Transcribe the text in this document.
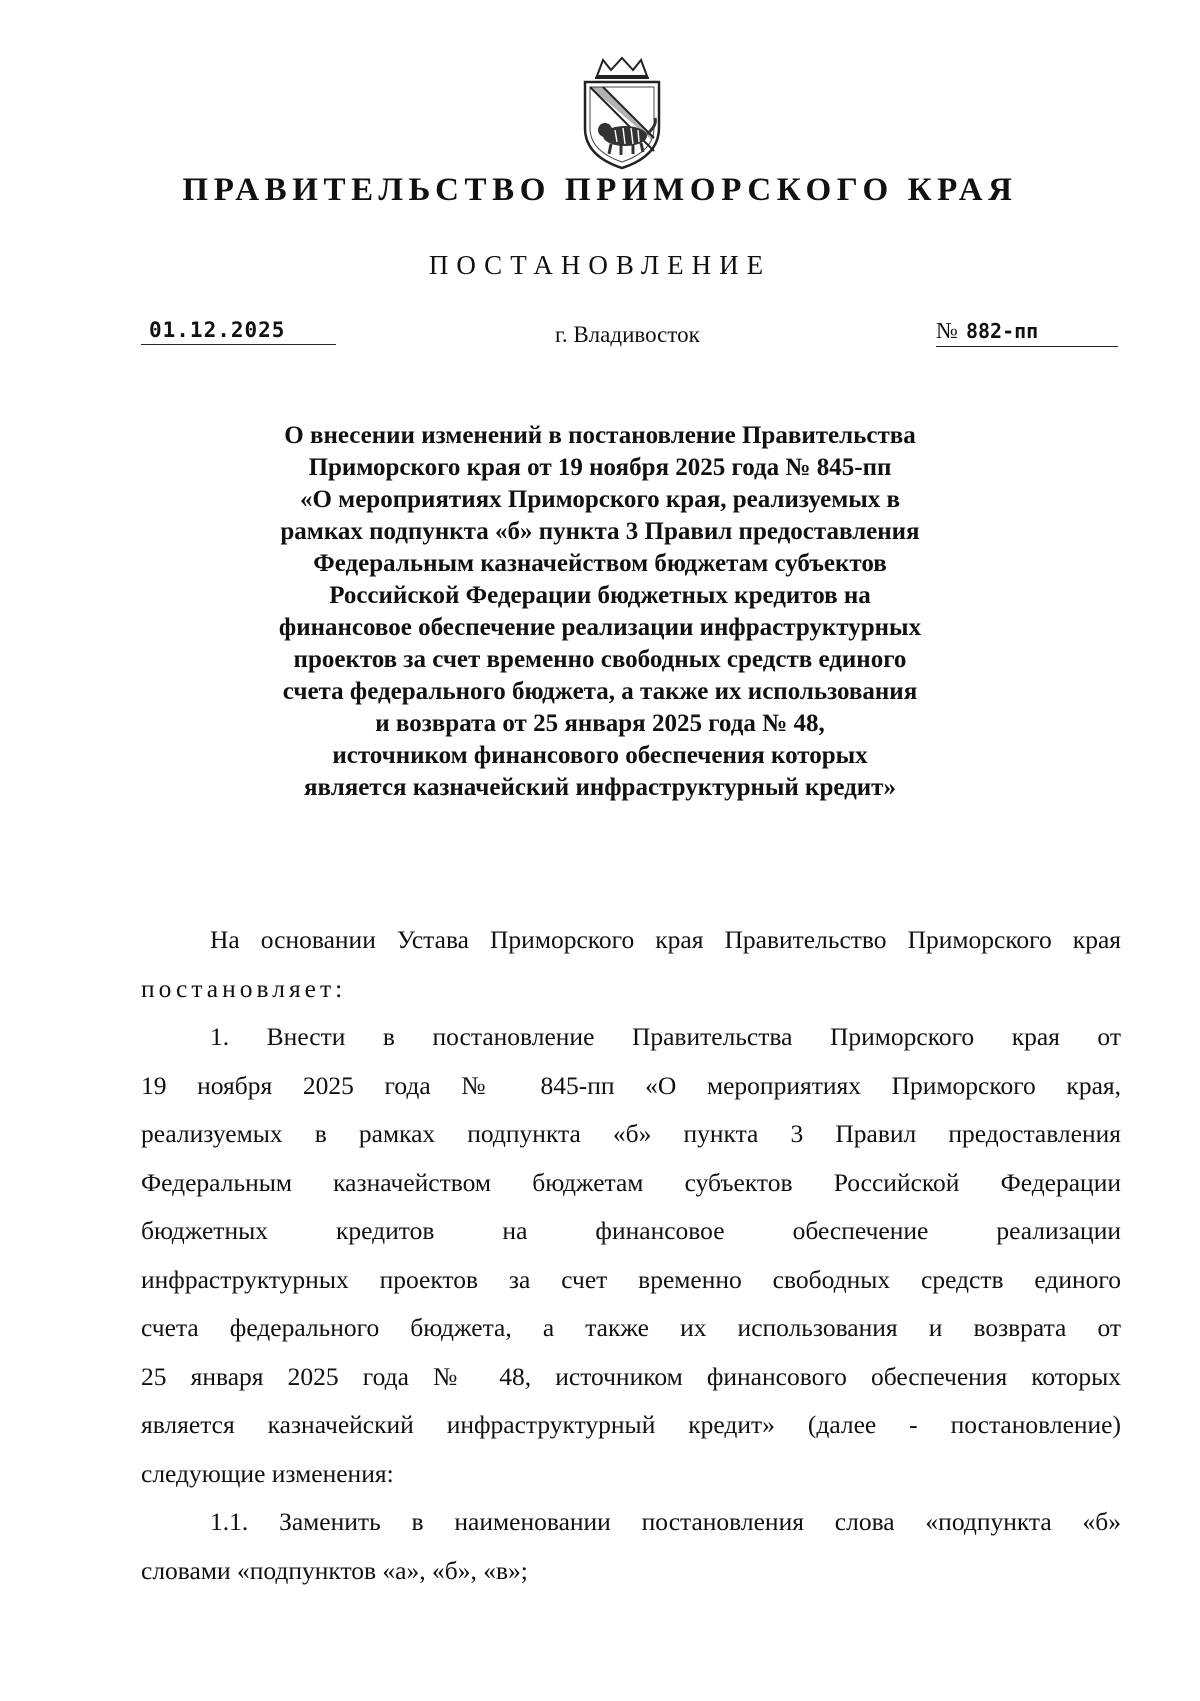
ПРАВИТЕЛЬСТВО ПРИМОРСКОГО КРАЯ
ПОСТАНОВЛЕНИЕ
01.12.2025	г. Владивосток	№ 882-пп
О внесении изменений в постановление Правительства
Приморского края от 19 ноября 2025 года № 845-пп
«О мероприятиях Приморского края, реализуемых в
рамках подпункта «б» пункта 3 Правил предоставления
Федеральным казначейством бюджетам субъектов
Российской Федерации бюджетных кредитов на
финансовое обеспечение реализации инфраструктурных
проектов за счет временно свободных средств единого
счета федерального бюджета, а также их использования
и возврата от 25 января 2025 года № 48,
источником финансового обеспечения которых
является казначейский инфраструктурный кредит»

На основании Устава Приморского края Правительство Приморского края
постановляет:

1. Внести в постановление Правительства Приморского края от
19 ноября 2025 года № 845-пп «О мероприятиях Приморского края,
реализуемых в рамках подпункта «б» пункта 3 Правил предоставления
Федеральным казначейством бюджетам субъектов Российской Федерации
бюджетных кредитов на финансовое обеспечение реализации
инфраструктурных проектов за счет временно свободных средств единого
счета федерального бюджета, а также их использования и возврата от
25 января 2025 года № 48, источником финансового обеспечения которых
является казначейский инфраструктурный кредит» (далее - постановление)
следующие изменения:

1.1. Заменить в наименовании постановления слова «подпункта «б»
словами «подпунктов «а», «б», «в»;
